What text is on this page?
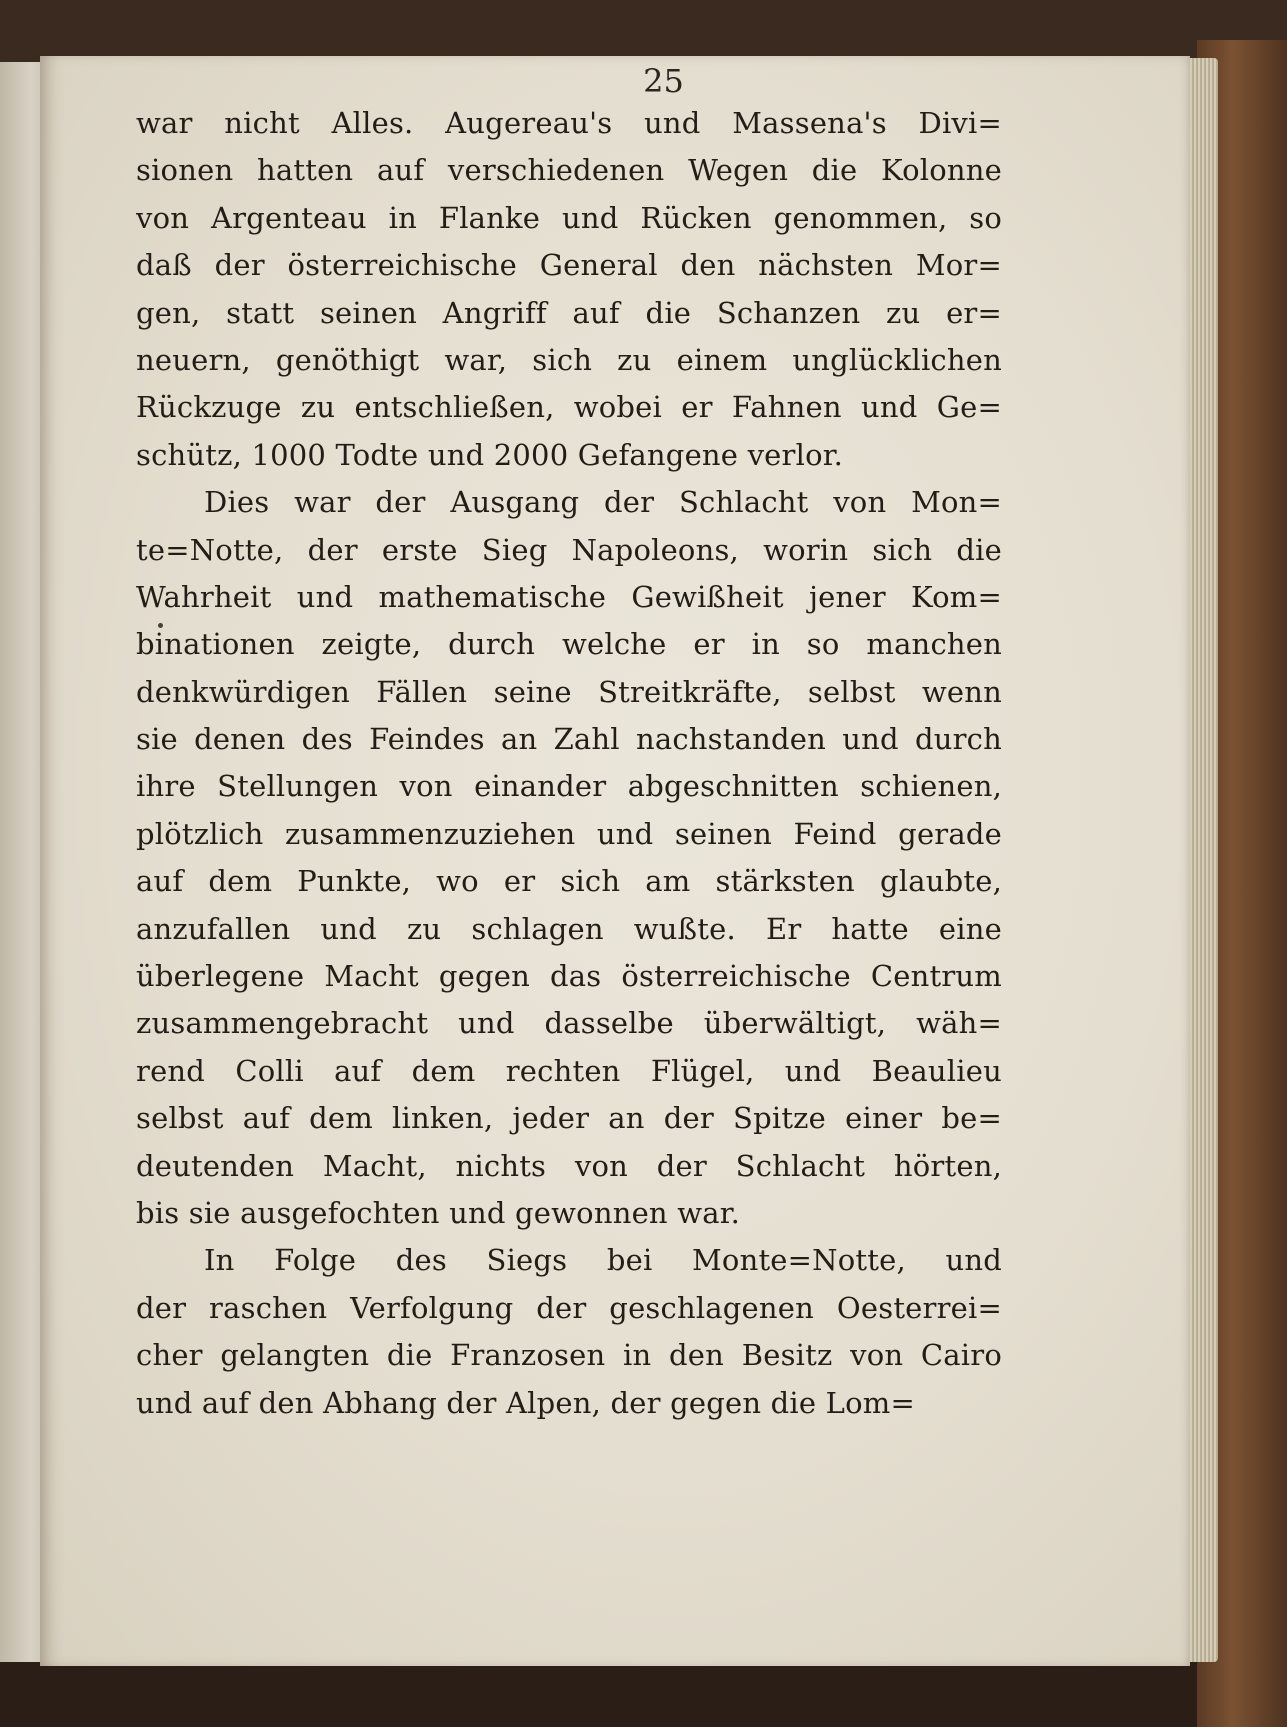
25
war nicht Alles. Augereau's und Massena's Divi=
sionen hatten auf verschiedenen Wegen die Kolonne
von Argenteau in Flanke und Rücken genommen, so
daß der österreichische General den nächsten Mor=
gen, statt seinen Angriff auf die Schanzen zu er=
neuern, genöthigt war, sich zu einem unglücklichen
Rückzuge zu entschließen, wobei er Fahnen und Ge=
schütz, 1000 Todte und 2000 Gefangene verlor.
Dies war der Ausgang der Schlacht von Mon=
te=Notte, der erste Sieg Napoleons, worin sich die
Wahrheit und mathematische Gewißheit jener Kom=
binationen zeigte, durch welche er in so manchen
denkwürdigen Fällen seine Streitkräfte, selbst wenn
sie denen des Feindes an Zahl nachstanden und durch
ihre Stellungen von einander abgeschnitten schienen,
plötzlich zusammenzuziehen und seinen Feind gerade
auf dem Punkte, wo er sich am stärksten glaubte,
anzufallen und zu schlagen wußte. Er hatte eine
überlegene Macht gegen das österreichische Centrum
zusammengebracht und dasselbe überwältigt, wäh=
rend Colli auf dem rechten Flügel, und Beaulieu
selbst auf dem linken, jeder an der Spitze einer be=
deutenden Macht, nichts von der Schlacht hörten,
bis sie ausgefochten und gewonnen war.
In Folge des Siegs bei Monte=Notte, und
der raschen Verfolgung der geschlagenen Oesterrei=
cher gelangten die Franzosen in den Besitz von Cairo
und auf den Abhang der Alpen, der gegen die Lom=
